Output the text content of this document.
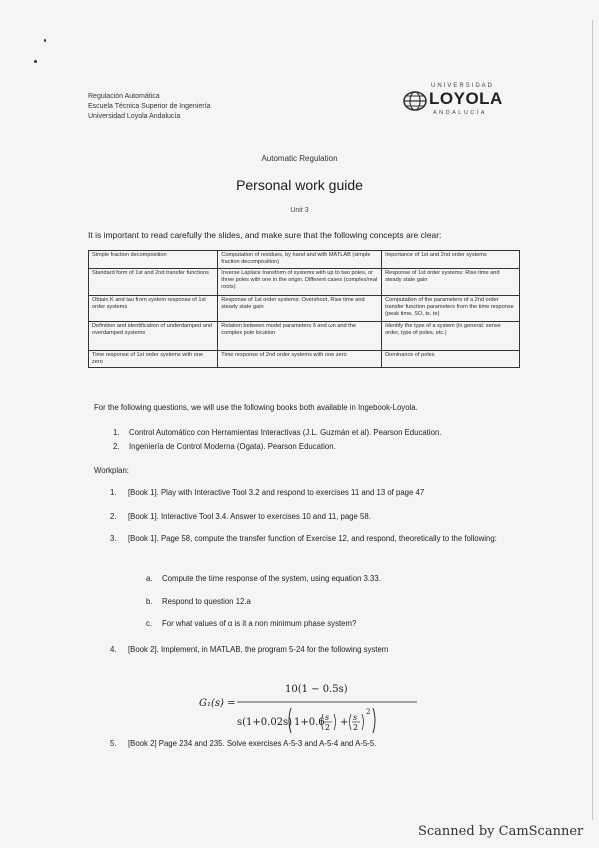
Regulación Automática
Escuela Técnica Superior de Ingeniería
Universidad Loyola Andalucía
UNIVERSIDAD
LOYOLA
ANDALUCÍA
Automatic Regulation
Personal work guide
Unit 3
It is important to read carefully the slides, and make sure that the following concepts are clear:
Simple fraction decomposition	Computation of residues, by hand and with MATLAB (simple fraction decomposition)	Importance of 1st and 2nd order systems
Standard form of 1st and 2nd transfer functions	Inverse Laplace transform of systems with up to two poles, or three poles with one in the origin. Different cases (complex/real roots)	Response of 1st order systems: Rise time and steady state gain
Obtain K and tau from system response of 1st order systems	Response of 1st order systems: Overshoot, Rise time and steady state gain	Computation of the parameters of a 2nd order transfer function parameters from the time response (peak time, SO, ts, te)
Definition and identification of underdamped and overdamped systems	Relation between model parameters δ and ωn and the complex pole location	Identify the type of a system (in general: sense order, type of poles, etc.)
Time response of 1st order systems with one zero	Time response of 2nd order systems with one zero	Dominance of poles
For the following questions, we will use the following books both available in Ingebook-Loyola.
1. Control Automático con Herramientas Interactivas (J.L. Guzmán et al). Pearson Education.
2. Ingeniería de Control Moderna (Ogata). Pearson Education.
Workplan:
1. [Book 1]. Play with Interactive Tool 3.2 and respond to exercises 11 and 13 of page 47
2. [Book 1]. Interactive Tool 3.4. Answer to exercises 10 and 11, page 58.
3. [Book 1]. Page 58, compute the transfer function of Exercise 12, and respond, theoretically to the following:
a. Compute the time response of the system, using equation 3.33.
b. Respond to question 12.a
c. For what values of α is it a non minimum phase system?
4. [Book 2]. Implement, in MATLAB, the program 5-24 for the following system
G₁(s) =
10(1 − 0.5s)
s(1+0.02s) 1+0.6 s
2 + s
2
2
5. [Book 2] Page 234 and 235. Solve exercises A-5-3 and A-5-4 and A-5-5.
Scanned by CamScanner
